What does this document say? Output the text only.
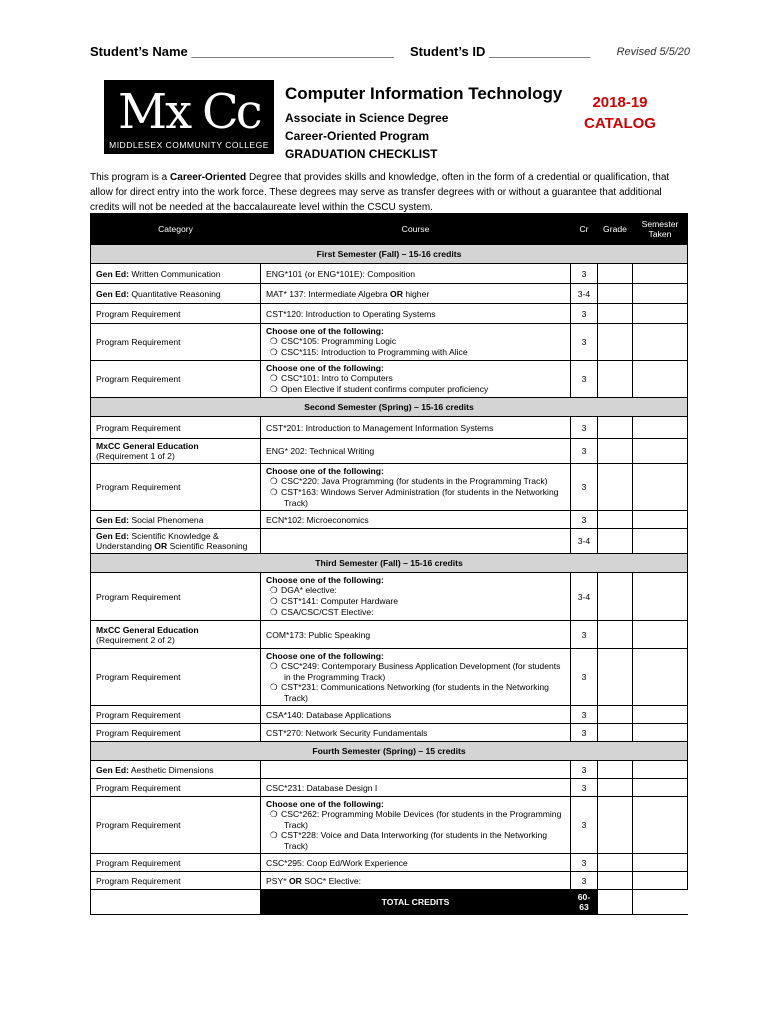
Student’s Name ____________________________ Student’s ID ______________ Revised 5/5/20
Mx Cc
MIDDLESEX COMMUNITY COLLEGE
Computer Information Technology
Associate in Science Degree
Career-Oriented Program
GRADUATION CHECKLIST
2018-19
CATALOG
This program is a Career-Oriented Degree that provides skills and knowledge, often in the form of a credential or qualification, that allow for direct entry into the work force. These degrees may serve as transfer degrees with or without a guarantee that additional credits will not be needed at the baccalaureate level within the CSCU system.
Category	Course	Cr	Grade	Semester Taken
First Semester (Fall) – 15-16 credits				
Gen Ed: Written Communication	ENG*101 (or ENG*101E): Composition	3		
Gen Ed: Quantitative Reasoning	MAT* 137: Intermediate Algebra OR higher	3-4		
Program Requirement	CST*120: Introduction to Operating Systems	3		
Program Requirement	Choose one of the following:
❍ CSC*105: Programming Logic
❍ CSC*115: Introduction to Programming with Alice	3		
Program Requirement	Choose one of the following:
❍ CSC*101: Intro to Computers
❍ Open Elective if student confirms computer proficiency	3		
Second Semester (Spring) – 15-16 credits				
Program Requirement	CST*201: Introduction to Management Information Systems	3		
MxCC General Education
(Requirement 1 of 2)	ENG* 202: Technical Writing	3		
Program Requirement	Choose one of the following:
❍ CSC*220: Java Programming (for students in the Programming Track)
❍ CST*163: Windows Server Administration (for students in the Networking Track)	3		
Gen Ed: Social Phenomena	ECN*102: Microeconomics	3		
Gen Ed: Scientific Knowledge &
Understanding OR Scientific Reasoning		3-4		
Third Semester (Fall) – 15-16 credits				
Program Requirement	Choose one of the following:
❍ DGA* elective:
❍ CST*141: Computer Hardware
❍ CSA/CSC/CST Elective:	3-4		
MxCC General Education
(Requirement 2 of 2)	COM*173: Public Speaking	3		
Program Requirement	Choose one of the following:
❍ CSC*249: Contemporary Business Application Development (for students in the Programming Track)
❍ CST*231: Communications Networking (for students in the Networking Track)	3		
Program Requirement	CSA*140: Database Applications	3		
Program Requirement	CST*270: Network Security Fundamentals	3		
Fourth Semester (Spring) – 15 credits				
Gen Ed: Aesthetic Dimensions		3		
Program Requirement	CSC*231: Database Design I	3		
Program Requirement	Choose one of the following:
❍ CSC*262: Programming Mobile Devices (for students in the Programming Track)
❍ CST*228: Voice and Data Interworking (for students in the Networking Track)	3		
Program Requirement	CSC*295: Coop Ed/Work Experience	3		
Program Requirement	PSY* OR SOC* Elective:	3		
	TOTAL CREDITS	60-63		
